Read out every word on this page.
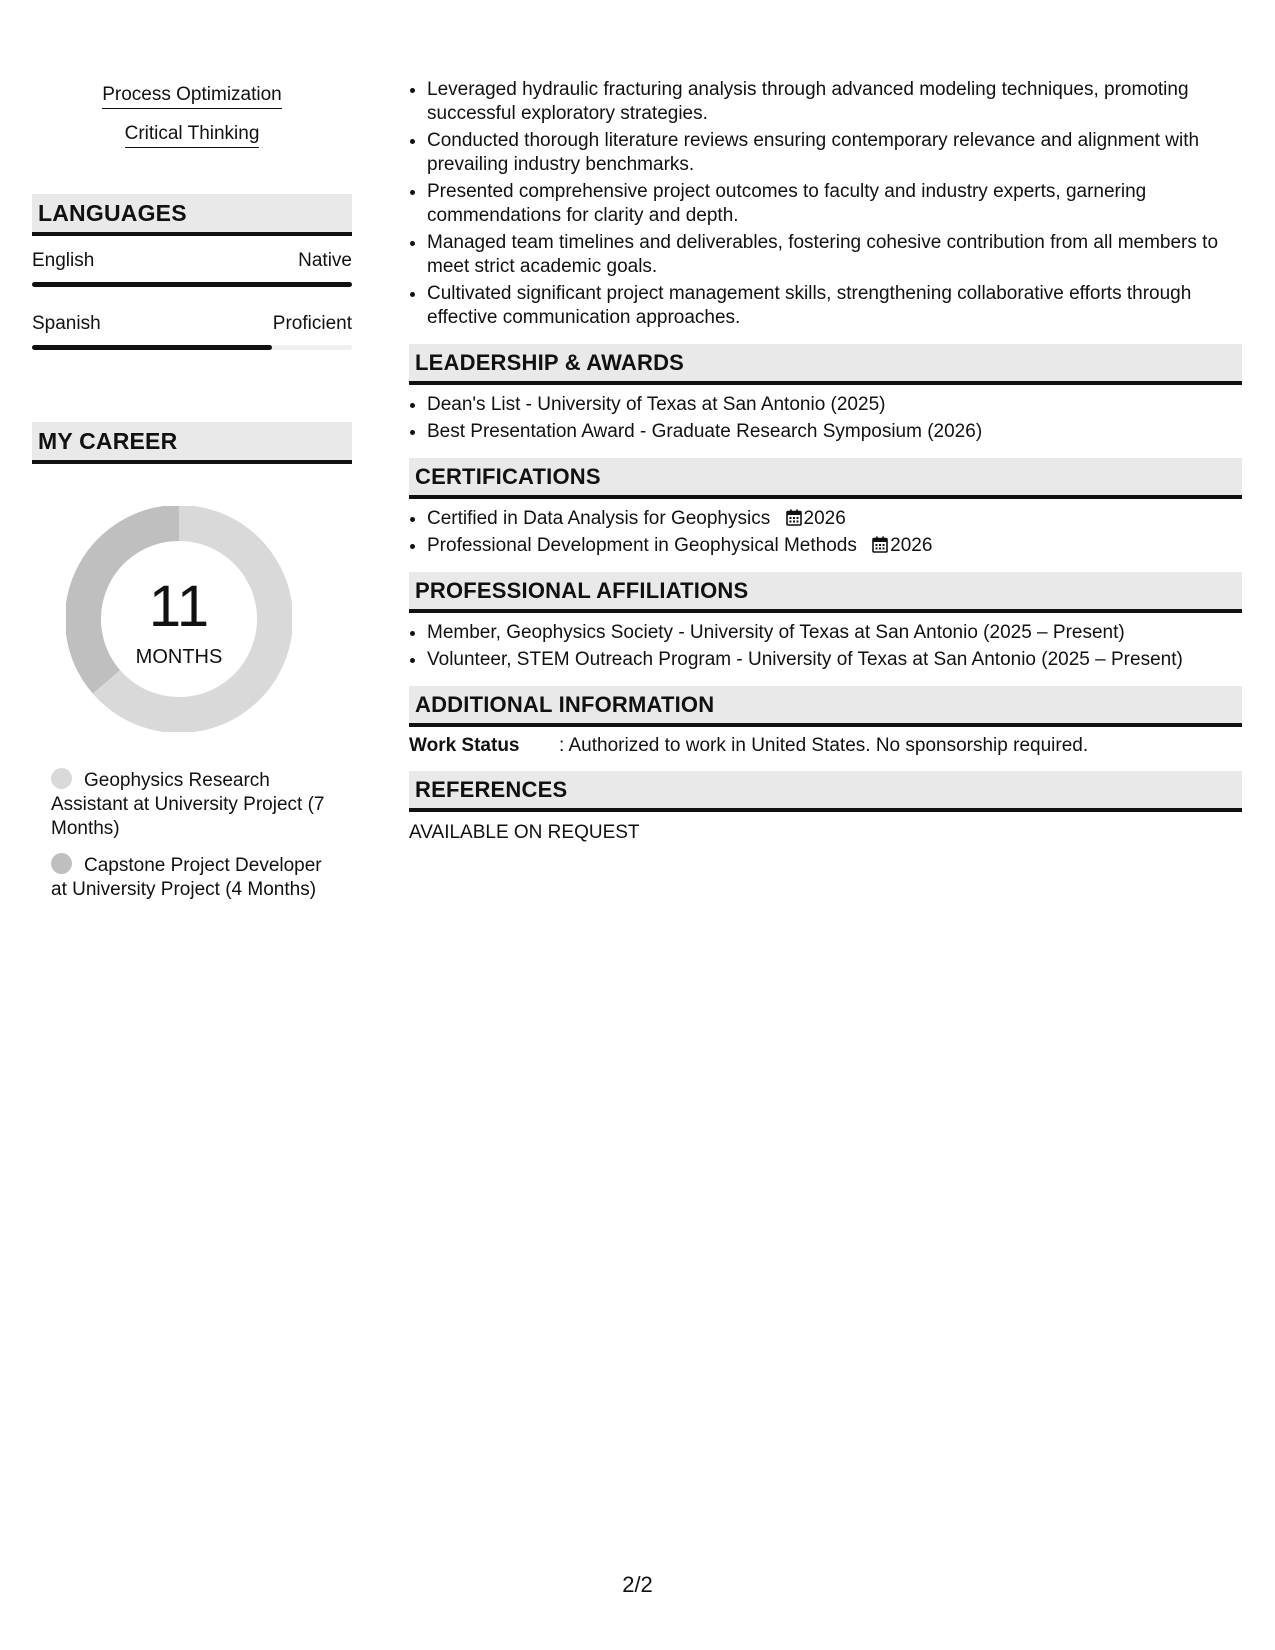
Process Optimization
Critical Thinking
LANGUAGES
English	Native
Spanish	Proficient
MY CAREER
11
MONTHS
Geophysics Research Assistant at University Project (7 Months)
Capstone Project Developer at University Project (4 Months)
• Leveraged hydraulic fracturing analysis through advanced modeling techniques, promoting successful exploratory strategies.
• Conducted thorough literature reviews ensuring contemporary relevance and alignment with prevailing industry benchmarks.
• Presented comprehensive project outcomes to faculty and industry experts, garnering commendations for clarity and depth.
• Managed team timelines and deliverables, fostering cohesive contribution from all members to meet strict academic goals.
• Cultivated significant project management skills, strengthening collaborative efforts through effective communication approaches.
LEADERSHIP & AWARDS
• Dean's List - University of Texas at San Antonio (2025)
• Best Presentation Award - Graduate Research Symposium (2026)
CERTIFICATIONS
• Certified in Data Analysis for Geophysics 2026
• Professional Development in Geophysical Methods 2026
PROFESSIONAL AFFILIATIONS
• Member, Geophysics Society - University of Texas at San Antonio (2025 – Present)
• Volunteer, STEM Outreach Program - University of Texas at San Antonio (2025 – Present)
ADDITIONAL INFORMATION
Work Status	: Authorized to work in United States. No sponsorship required.
REFERENCES
AVAILABLE ON REQUEST
2/2
